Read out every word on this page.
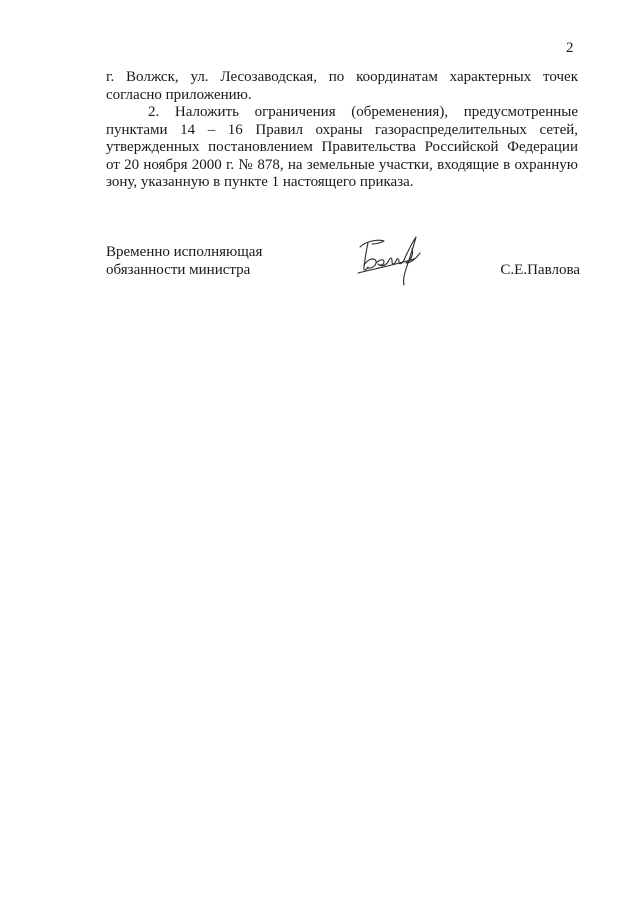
2
г. Волжск, ул. Лесозаводская, по координатам характерных точек
согласно приложению.
2. Наложить ограничения (обременения), предусмотренные
пунктами 14 – 16 Правил охраны газораспределительных сетей,
утвержденных постановлением Правительства Российской Федерации
от 20 ноября 2000 г. № 878, на земельные участки, входящие в охранную
зону, указанную в пункте 1 настоящего приказа.
Временно исполняющая
обязанности министра	С.Е.Павлова
